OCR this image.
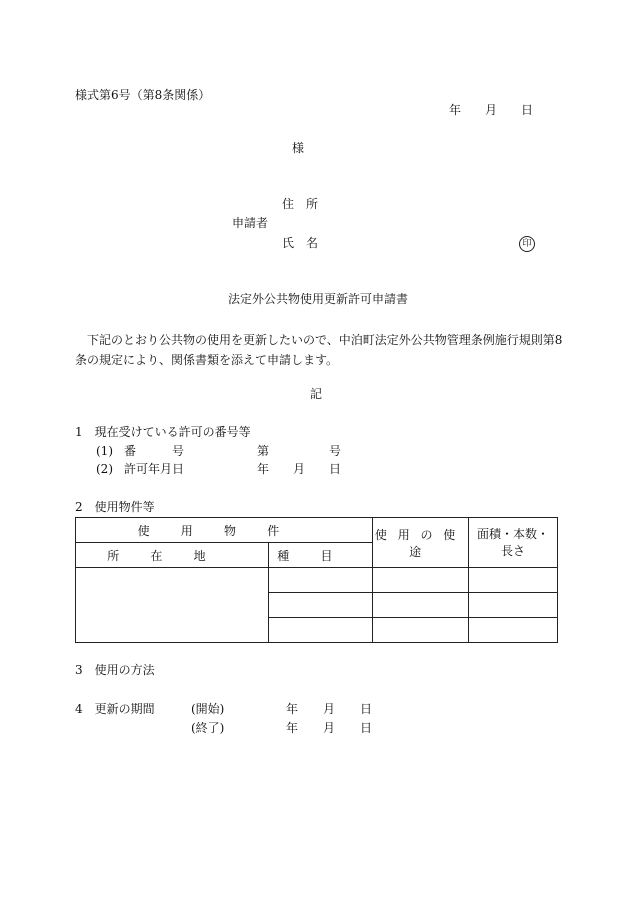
様式第6号（第8条関係）
年 月 日
様
住　所
申請者
氏　名	印
法定外公共物使用更新許可申請書
　下記のとおり公共物の使用を更新したいので、中泊町法定外公共物管理条例施行規則第8条の規定により、関係書類を添えて申請します。
記
1　現在受けている許可の番号等
(1) 番　　　号	第	号
(2) 許可年月日	年 月 日
2　使用物件等
使用物件		使用の使途	面積・本数・長さ
所在地	種目		

3　使用の方法
4　更新の期間	(開始)	年 月 日
(終了)	年 月 日
